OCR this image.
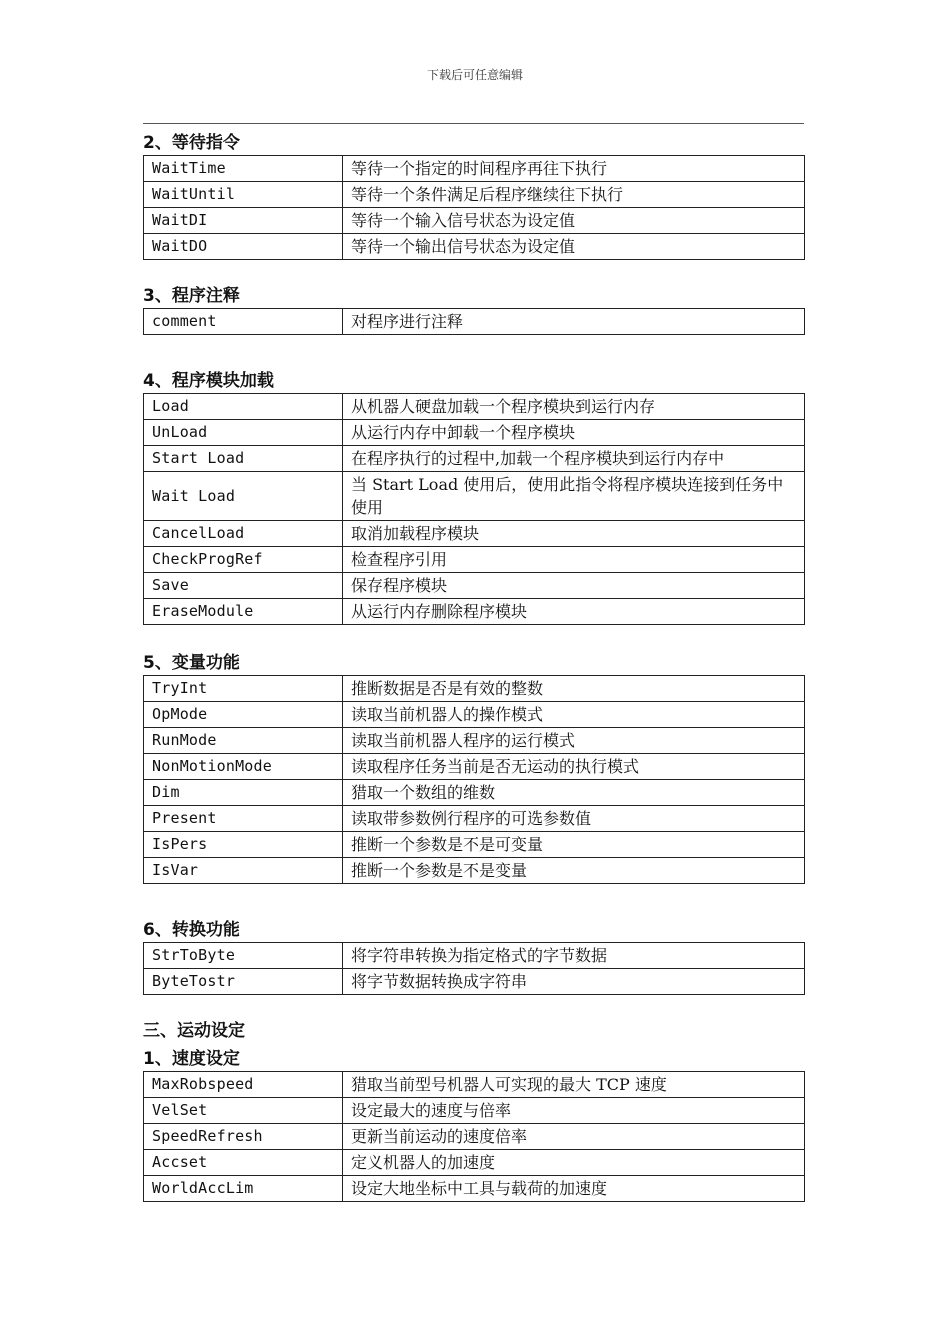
下载后可任意编辑
2、等待指令
WaitTime	等待一个指定的时间程序再往下执行
WaitUntil	等待一个条件满足后程序继续往下执行
WaitDI	等待一个输入信号状态为设定值
WaitDO	等待一个输出信号状态为设定值
3、程序注释
comment	对程序进行注释
4、程序模块加载
Load	从机器人硬盘加载一个程序模块到运行内存
UnLoad	从运行内存中卸载一个程序模块
Start Load	在程序执行的过程中,加载一个程序模块到运行内存中
Wait Load	当 Start Load 使用后，使用此指令将程序模块连接到任务中使用
CancelLoad	取消加载程序模块
CheckProgRef	检查程序引用
Save	保存程序模块
EraseModule	从运行内存删除程序模块
5、变量功能
TryInt	推断数据是否是有效的整数
OpMode	读取当前机器人的操作模式
RunMode	读取当前机器人程序的运行模式
NonMotionMode	读取程序任务当前是否无运动的执行模式
Dim	猎取一个数组的维数
Present	读取带参数例行程序的可选参数值
IsPers	推断一个参数是不是可变量
IsVar	推断一个参数是不是变量
6、转换功能
StrToByte	将字符串转换为指定格式的字节数据
ByteTostr	将字节数据转换成字符串
三、运动设定
1、速度设定
MaxRobspeed	猎取当前型号机器人可实现的最大 TCP 速度
VelSet	设定最大的速度与倍率
SpeedRefresh	更新当前运动的速度倍率
Accset	定义机器人的加速度
WorldAccLim	设定大地坐标中工具与载荷的加速度
